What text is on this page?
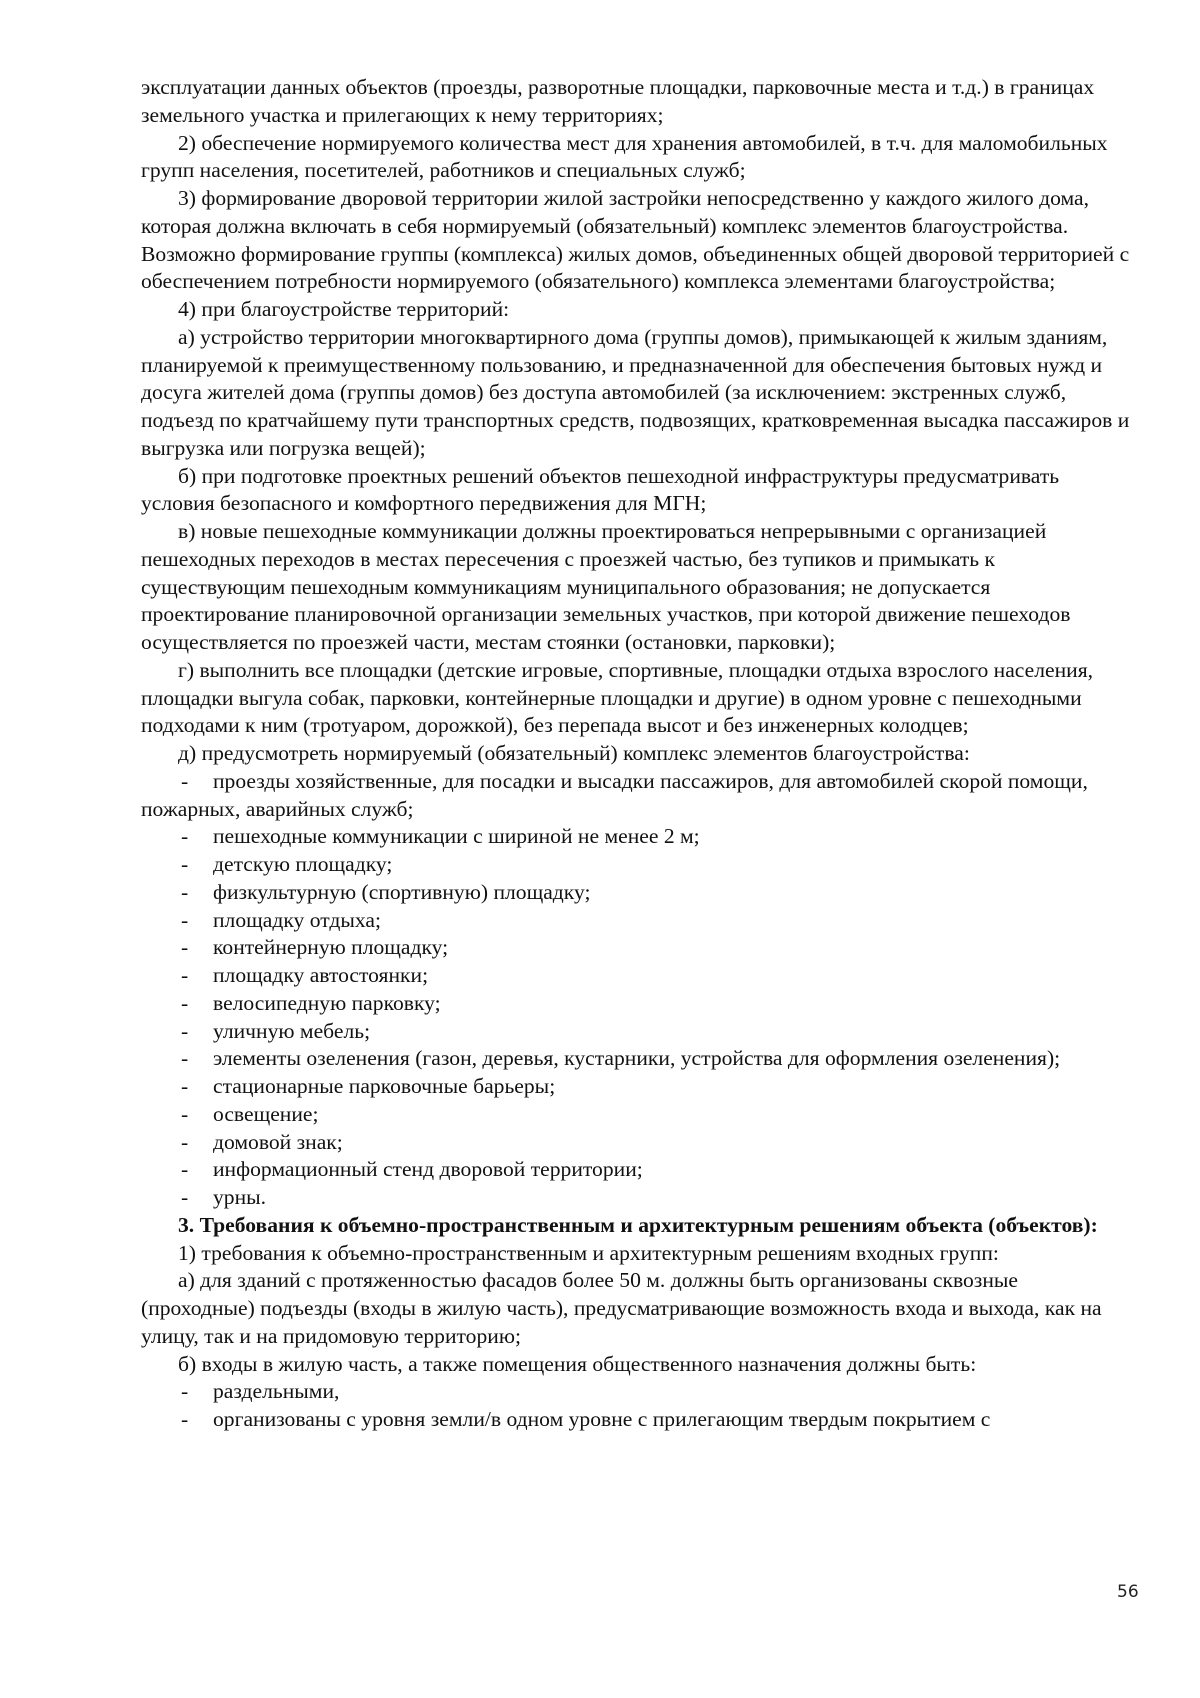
эксплуатации данных объектов (проезды, разворотные площадки, парковочные места и т.д.) в границах земельного участка и прилегающих к нему территориях;

2) обеспечение нормируемого количества мест для хранения автомобилей, в т.ч. для маломобильных групп населения, посетителей, работников и специальных служб;

3) формирование дворовой территории жилой застройки непосредственно у каждого жилого дома, которая должна включать в себя нормируемый (обязательный) комплекс элементов благоустройства. Возможно формирование группы (комплекса) жилых домов, объединенных общей дворовой территорией с обеспечением потребности нормируемого (обязательного) комплекса элементами благоустройства;

4) при благоустройстве территорий:

а) устройство территории многоквартирного дома (группы домов), примыкающей к жилым зданиям, планируемой к преимущественному пользованию, и предназначенной для обеспечения бытовых нужд и досуга жителей дома (группы домов) без доступа автомобилей (за исключением: экстренных служб, подъезд по кратчайшему пути транспортных средств, подвозящих, кратковременная высадка пассажиров и выгрузка или погрузка вещей);

б) при подготовке проектных решений объектов пешеходной инфраструктуры предусматривать условия безопасного и комфортного передвижения для МГН;

в) новые пешеходные коммуникации должны проектироваться непрерывными с организацией пешеходных переходов в местах пересечения с проезжей частью, без тупиков и примыкать к существующим пешеходным коммуникациям муниципального образования; не допускается проектирование планировочной организации земельных участков, при которой движение пешеходов осуществляется по проезжей части, местам стоянки (остановки, парковки);

г) выполнить все площадки (детские игровые, спортивные, площадки отдыха взрослого населения, площадки выгула собак, парковки, контейнерные площадки и другие) в одном уровне с пешеходными подходами к ним (тротуаром, дорожкой), без перепада высот и без инженерных колодцев;

д) предусмотреть нормируемый (обязательный) комплекс элементов благоустройства:

- проезды хозяйственные, для посадки и высадки пассажиров, для автомобилей скорой помощи, пожарных, аварийных служб;

- пешеходные коммуникации с шириной не менее 2 м;

- детскую площадку;

- физкультурную (спортивную) площадку;

- площадку отдыха;

- контейнерную площадку;

- площадку автостоянки;

- велосипедную парковку;

- уличную мебель;

- элементы озеленения (газон, деревья, кустарники, устройства для оформления озеленения);

- стационарные парковочные барьеры;

- освещение;

- домовой знак;

- информационный стенд дворовой территории;

- урны.

3. Требования к объемно-пространственным и архитектурным решениям объекта (объектов):

1) требования к объемно-пространственным и архитектурным решениям входных групп:

а) для зданий с протяженностью фасадов более 50 м. должны быть организованы сквозные (проходные) подъезды (входы в жилую часть), предусматривающие возможность входа и выхода, как на улицу, так и на придомовую территорию;

б) входы в жилую часть, а также помещения общественного назначения должны быть:

- раздельными,

- организованы с уровня земли/в одном уровне с прилегающим твердым покрытием с

56
